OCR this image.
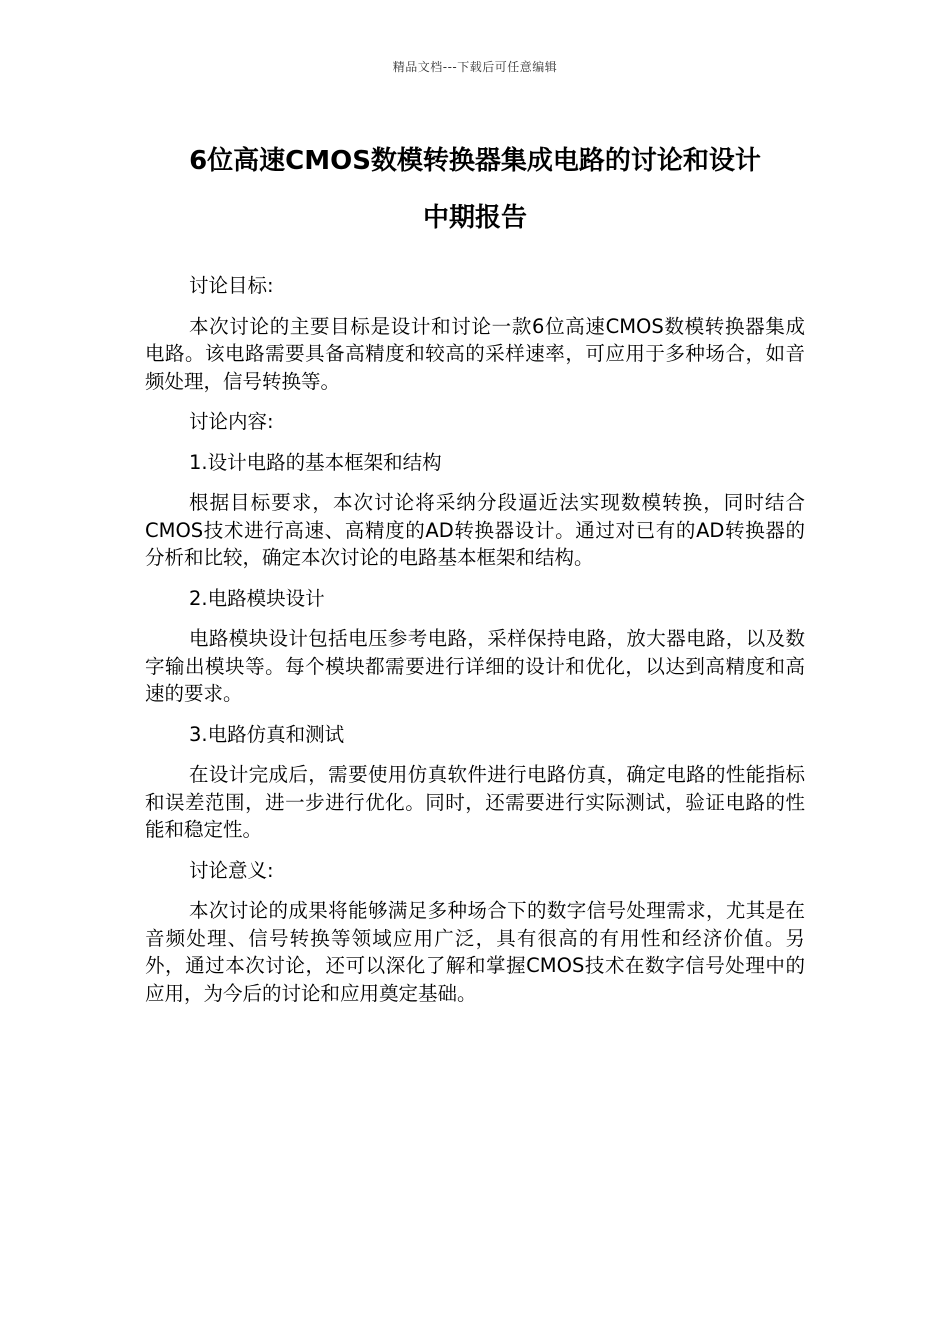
精品文档---下载后可任意编辑
6位高速CMOS数模转换器集成电路的讨论和设计
中期报告

讨论目标:

本次讨论的主要目标是设计和讨论一款6位高速CMOS数模转换器集成电路。该电路需要具备高精度和较高的采样速率，可应用于多种场合，如音频处理，信号转换等。

讨论内容:

1.设计电路的基本框架和结构

根据目标要求，本次讨论将采纳分段逼近法实现数模转换，同时结合CMOS技术进行高速、高精度的AD转换器设计。通过对已有的AD转换器的分析和比较，确定本次讨论的电路基本框架和结构。

2.电路模块设计

电路模块设计包括电压参考电路，采样保持电路，放大器电路，以及数字输出模块等。每个模块都需要进行详细的设计和优化，以达到高精度和高速的要求。

3.电路仿真和测试

在设计完成后，需要使用仿真软件进行电路仿真，确定电路的性能指标和误差范围，进一步进行优化。同时，还需要进行实际测试，验证电路的性能和稳定性。

讨论意义:

本次讨论的成果将能够满足多种场合下的数字信号处理需求，尤其是在音频处理、信号转换等领域应用广泛，具有很高的有用性和经济价值。另外，通过本次讨论，还可以深化了解和掌握CMOS技术在数字信号处理中的应用，为今后的讨论和应用奠定基础。
